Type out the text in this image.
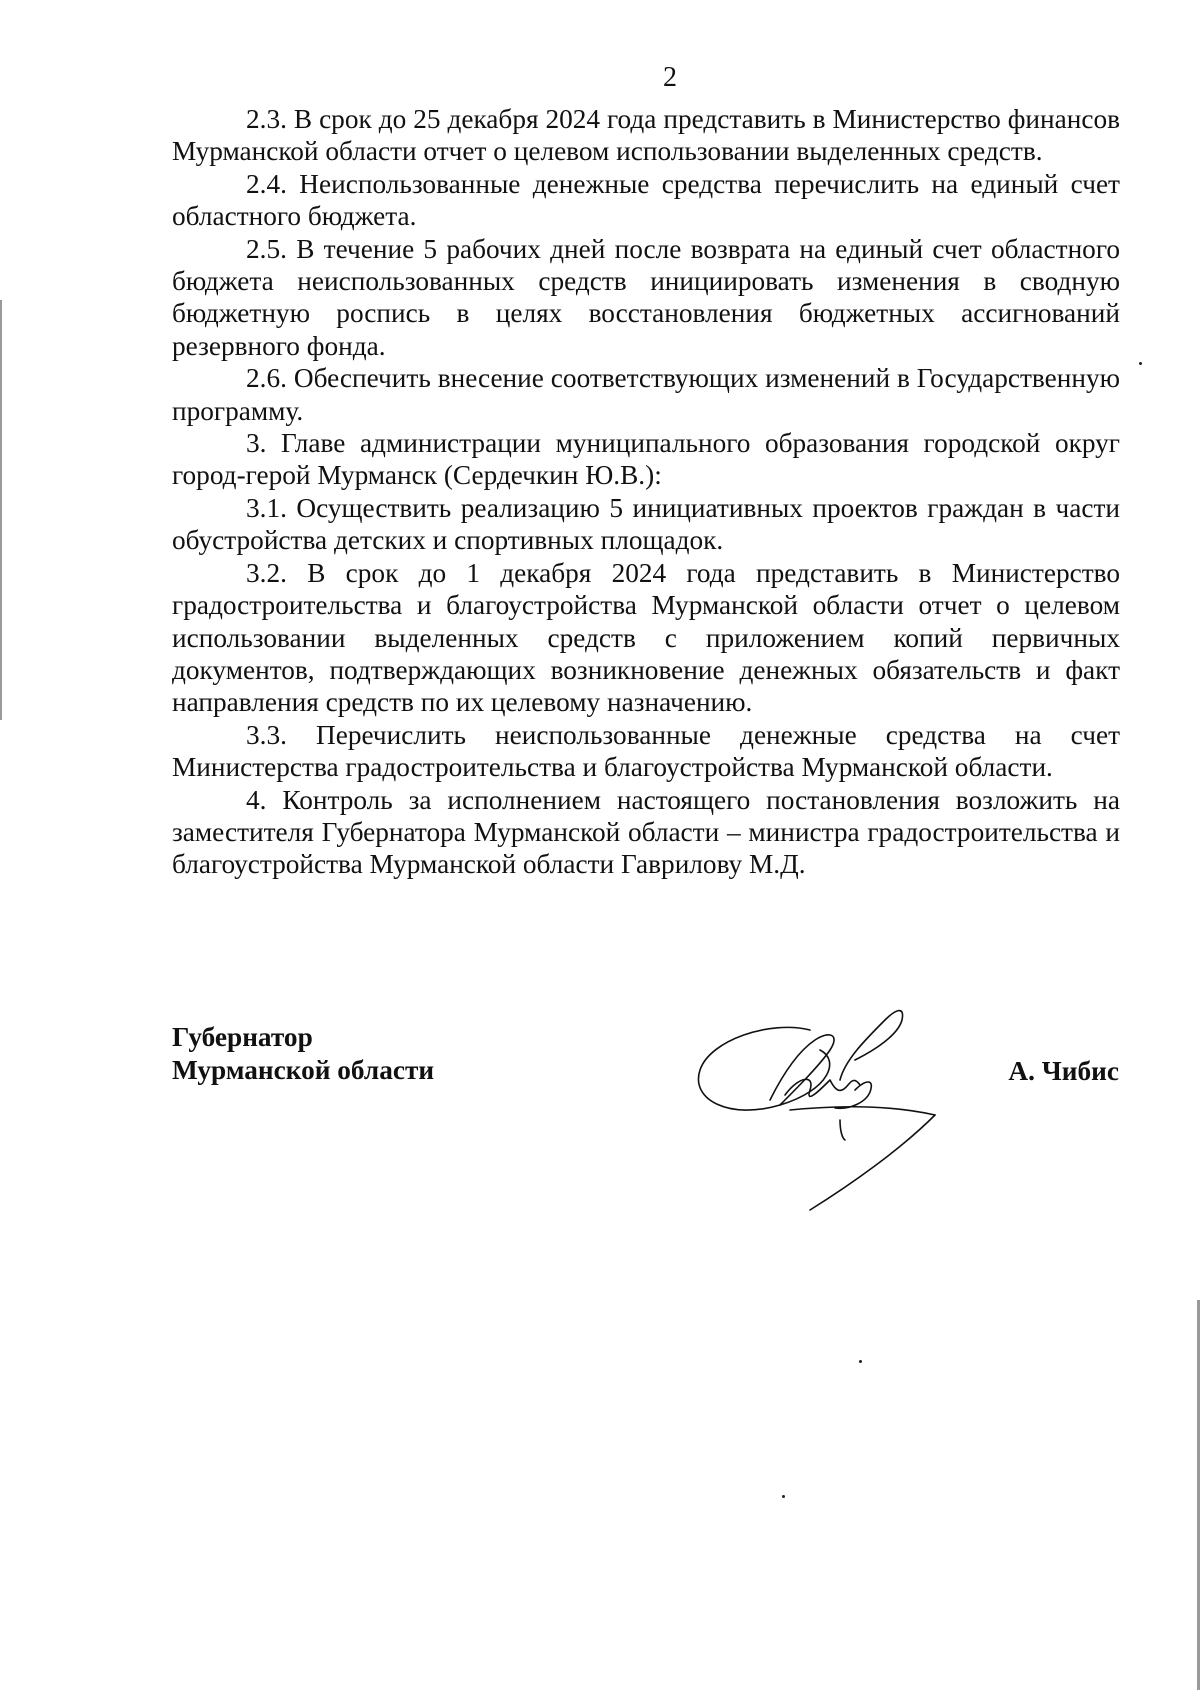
2

2.3. В срок до 25 декабря 2024 года представить в Министерство финансов Мурманской области отчет о целевом использовании выделенных средств.

2.4. Неиспользованные денежные средства перечислить на единый счет областного бюджета.

2.5. В течение 5 рабочих дней после возврата на единый счет областного бюджета неиспользованных средств инициировать изменения в сводную бюджетную роспись в целях восстановления бюджетных ассигнований резервного фонда.

2.6. Обеспечить внесение соответствующих изменений в Государственную программу.

3. Главе администрации муниципального образования городской округ город-герой Мурманск (Сердечкин Ю.В.):

3.1. Осуществить реализацию 5 инициативных проектов граждан в части обустройства детских и спортивных площадок.

3.2. В срок до 1 декабря 2024 года представить в Министерство градостроительства и благоустройства Мурманской области отчет о целевом использовании выделенных средств с приложением копий первичных документов, подтверждающих возникновение денежных обязательств и факт направления средств по их целевому назначению.

3.3. Перечислить неиспользованные денежные средства на счет Министерства градостроительства и благоустройства Мурманской области.

4. Контроль за исполнением настоящего постановления возложить на заместителя Губернатора Мурманской области – министра градостроительства и благоустройства Мурманской области Гаврилову М.Д.

Губернатор
Мурманской области	А. Чибис
